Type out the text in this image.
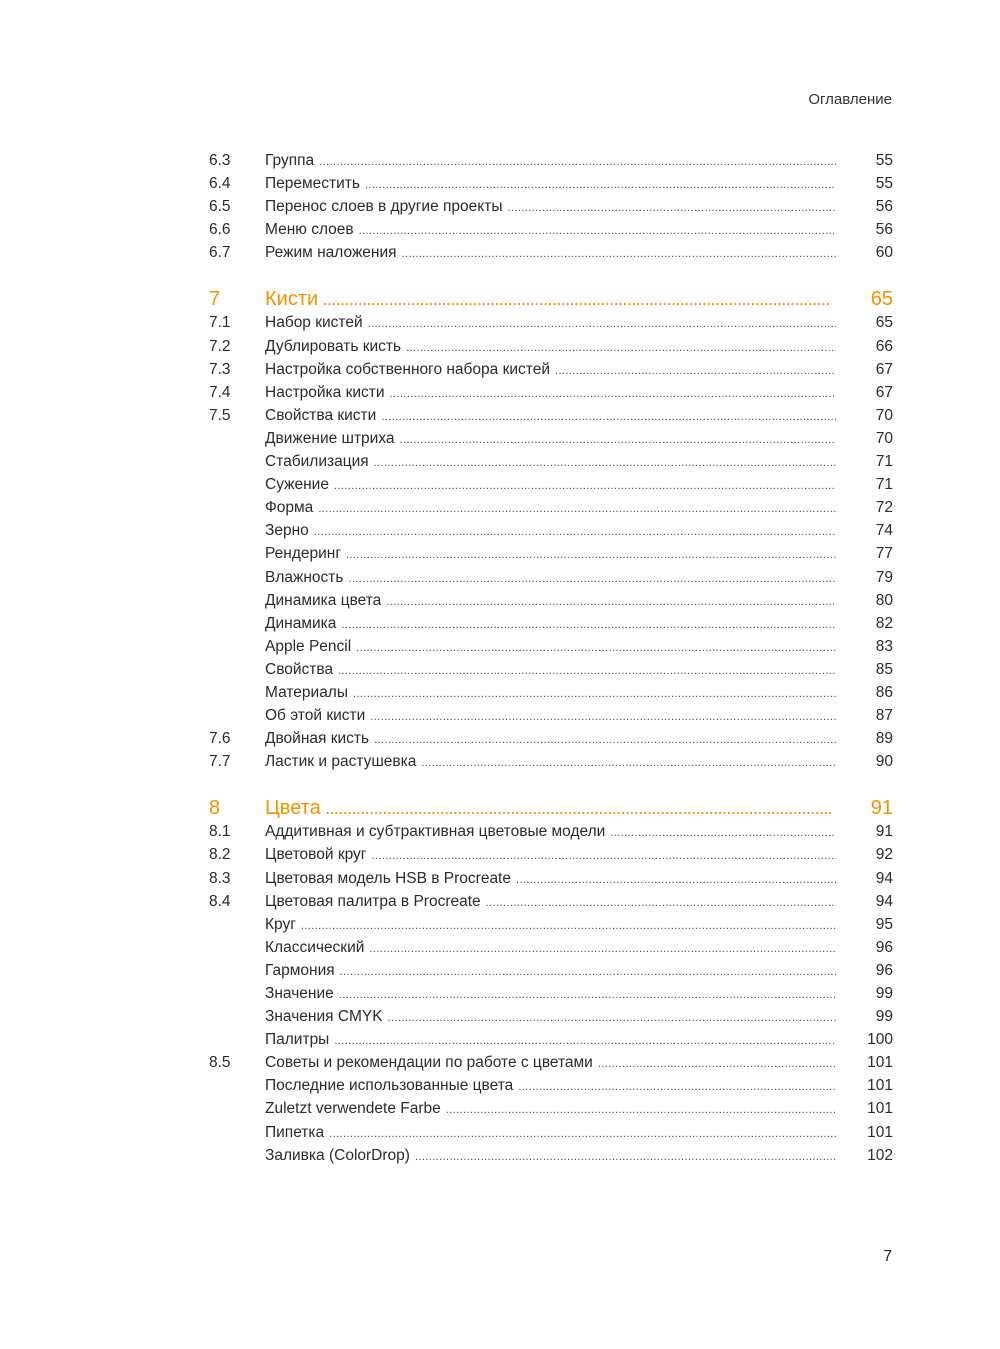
Оглавление
6.3	Группа .....	55
6.4	Переместить .....	55
6.5	Перенос слоев в другие проекты .....	56
6.6	Меню слоев .....	56
6.7	Режим наложения .....	60
7	Кисти .....	65
7.1	Набор кистей .....	65
7.2	Дублировать кисть .....	66
7.3	Настройка собственного набора кистей .....	67
7.4	Настройка кисти .....	67
7.5	Свойства кисти .....	70
Движение штриха .....	70
Стабилизация .....	71
Сужение .....	71
Форма .....	72
Зерно .....	74
Рендеринг .....	77
Влажность .....	79
Динамика цвета .....	80
Динамика .....	82
Apple Pencil .....	83
Свойства .....	85
Материалы .....	86
Об этой кисти .....	87
7.6	Двойная кисть .....	89
7.7	Ластик и растушевка .....	90
8	Цвета .....	91
8.1	Аддитивная и субтрактивная цветовые модели .....	91
8.2	Цветовой круг .....	92
8.3	Цветовая модель HSB в Procreate .....	94
8.4	Цветовая палитра в Procreate .....	94
Круг .....	95
Классический .....	96
Гармония .....	96
Значение .....	99
Значения CMYK .....	99
Палитры .....	100
8.5	Советы и рекомендации по работе с цветами .....	101
Последние использованные цвета .....	101
Zuletzt verwendete Farbe .....	101
Пипетка .....	101
Заливка (ColorDrop) .....	102
7
